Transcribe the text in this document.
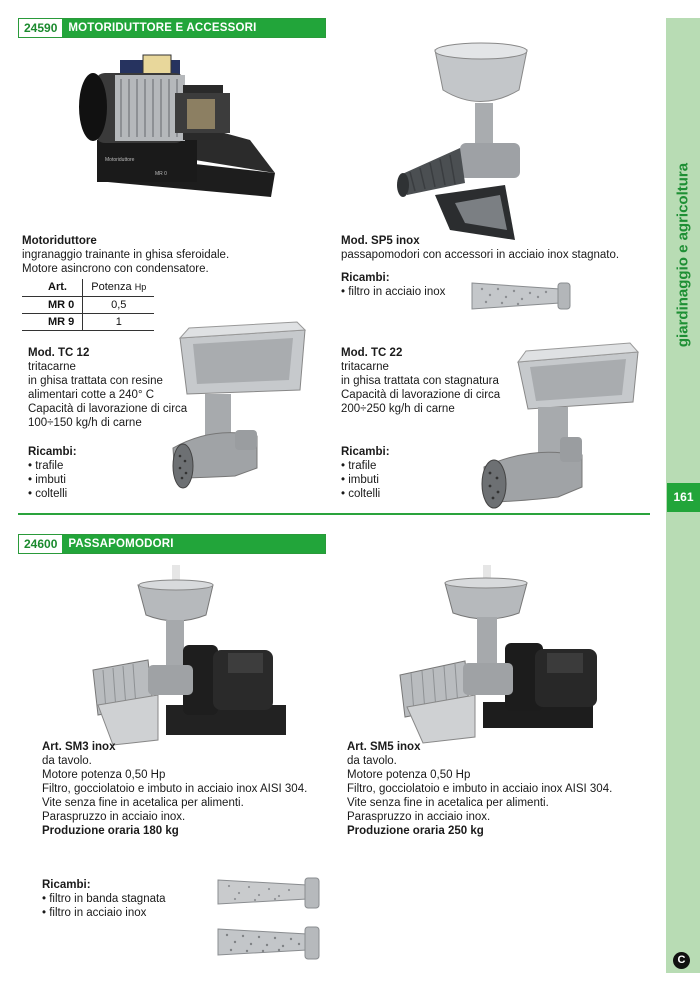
giardinaggio e agricoltura
161
C
24590 MOTORIDUTTORE E ACCESSORI
Motoriduttore
MR 0
Motoriduttore
ingranaggio trainante in ghisa sferoidale.
Motore asincrono con condensatore.
Art.	Potenza Hp
MR 0	0,5
MR 9	1
Mod. SP5 inox
passapomodori con accessori in acciaio inox stagnato.
Ricambi:
• filtro in acciaio inox
Mod. TC 12
tritacarne
in ghisa trattata con resine
alimentari cotte a 240° C
Capacità di lavorazione di circa
100÷150 kg/h di carne
Ricambi:
• trafile
• imbuti
• coltelli
Mod. TC 22
tritacarne
in ghisa trattata con stagnatura
Capacità di lavorazione di circa
200÷250 kg/h di carne
Ricambi:
• trafile
• imbuti
• coltelli
24600 PASSAPOMODORI
Art. SM3 inox
da tavolo.
Motore potenza 0,50 Hp
Filtro, gocciolatoio e imbuto in acciaio inox AISI 304.
Vite senza fine in acetalica per alimenti.
Paraspruzzo in acciaio inox.
Produzione oraria 180 kg
Art. SM5 inox
da tavolo.
Motore potenza 0,50 Hp
Filtro, gocciolatoio e imbuto in acciaio inox AISI 304.
Vite senza fine in acetalica per alimenti.
Paraspruzzo in acciaio inox.
Produzione oraria 250 kg
Ricambi:
• filtro in banda stagnata
• filtro in acciaio inox
